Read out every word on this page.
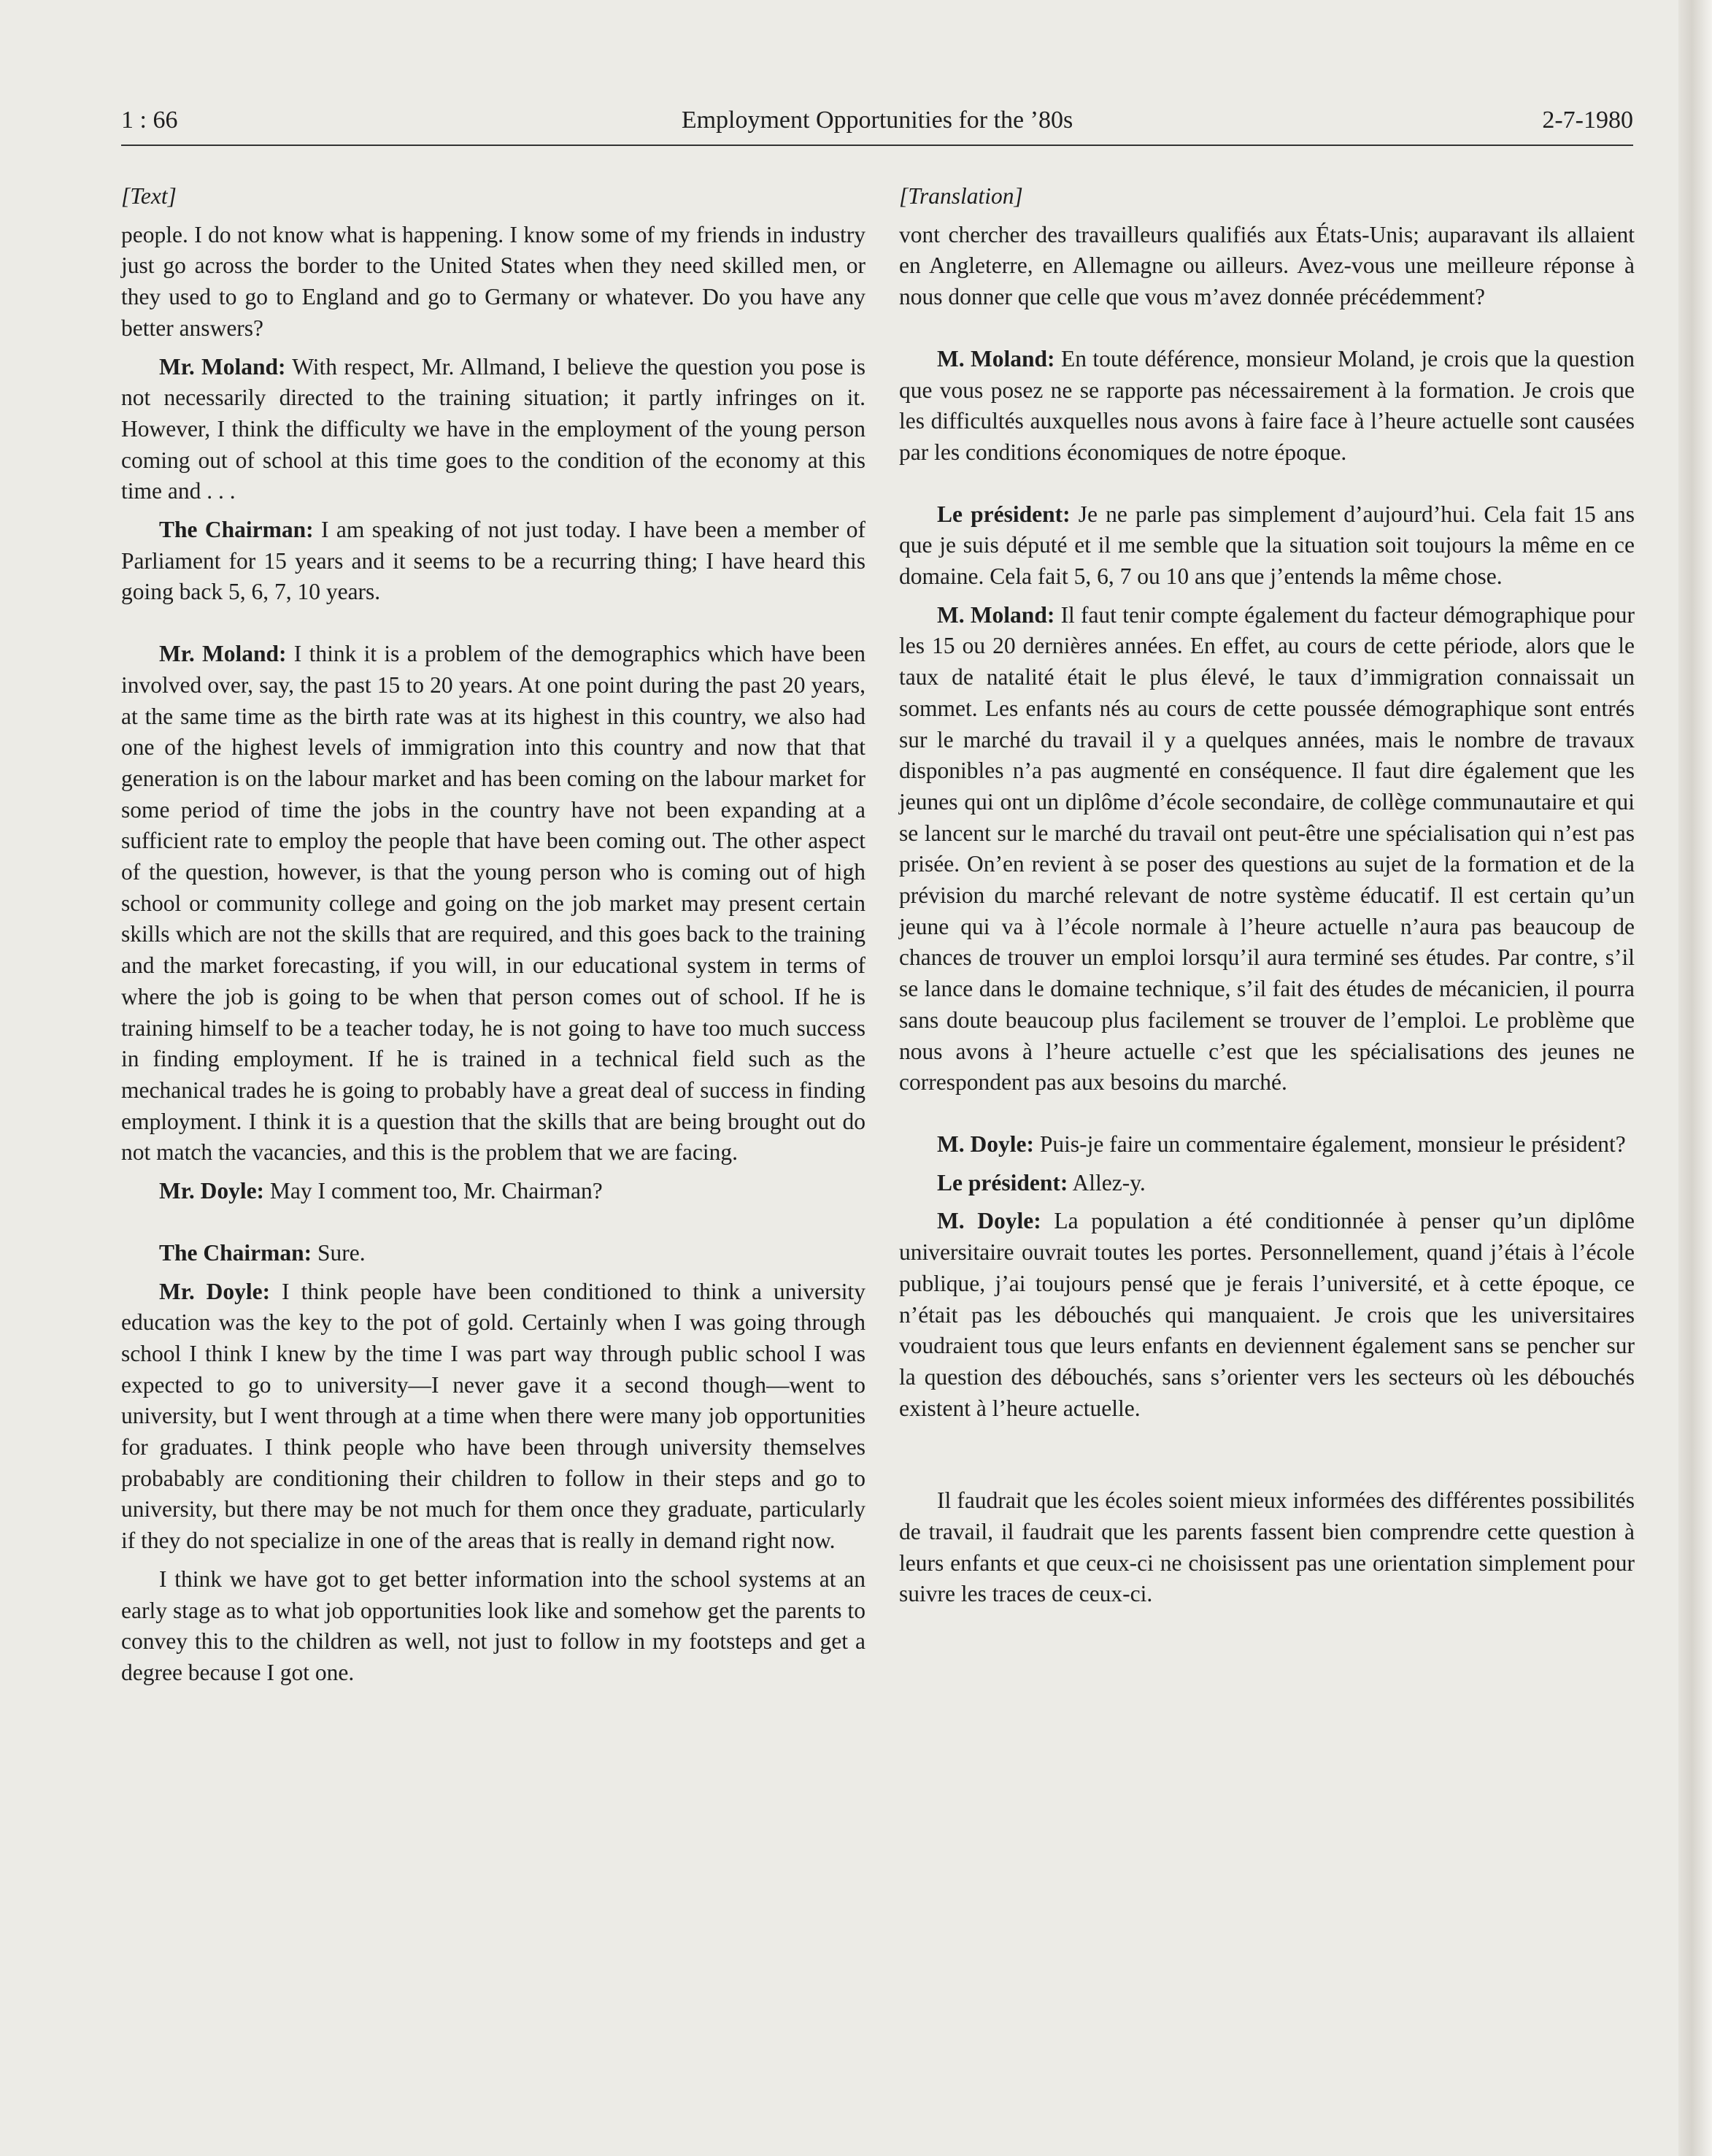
1 : 66	Employment Opportunities for the ’80s	2-7-1980
[Text]

people. I do not know what is happening. I know some of my friends in industry just go across the border to the United States when they need skilled men, or they used to go to England and go to Germany or whatever. Do you have any better answers?

Mr. Moland: With respect, Mr. Allmand, I believe the question you pose is not necessarily directed to the training situation; it partly infringes on it. However, I think the difficulty we have in the employment of the young person coming out of school at this time goes to the condition of the economy at this time and . . .

The Chairman: I am speaking of not just today. I have been a member of Parliament for 15 years and it seems to be a recurring thing; I have heard this going back 5, 6, 7, 10 years.

Mr. Moland: I think it is a problem of the demographics which have been involved over, say, the past 15 to 20 years. At one point during the past 20 years, at the same time as the birth rate was at its highest in this country, we also had one of the highest levels of immigration into this country and now that that generation is on the labour market and has been coming on the labour market for some period of time the jobs in the country have not been expanding at a sufficient rate to employ the people that have been coming out. The other aspect of the question, however, is that the young person who is coming out of high school or community college and going on the job market may present certain skills which are not the skills that are required, and this goes back to the training and the market forecasting, if you will, in our educational system in terms of where the job is going to be when that person comes out of school. If he is training himself to be a teacher today, he is not going to have too much success in finding employment. If he is trained in a technical field such as the mechanical trades he is going to probably have a great deal of success in finding employment. I think it is a question that the skills that are being brought out do not match the vacancies, and this is the problem that we are facing.

Mr. Doyle: May I comment too, Mr. Chairman?

The Chairman: Sure.

Mr. Doyle: I think people have been conditioned to think a university education was the key to the pot of gold. Certainly when I was going through school I think I knew by the time I was part way through public school I was expected to go to university—I never gave it a second though—went to university, but I went through at a time when there were many job opportunities for graduates. I think people who have been through university themselves probabably are conditioning their children to follow in their steps and go to university, but there may be not much for them once they graduate, particularly if they do not specialize in one of the areas that is really in demand right now.

I think we have got to get better information into the school systems at an early stage as to what job opportunities look like and somehow get the parents to convey this to the children as well, not just to follow in my footsteps and get a degree because I got one.

[Translation]

vont chercher des travailleurs qualifiés aux États-Unis; auparavant ils allaient en Angleterre, en Allemagne ou ailleurs. Avez-vous une meilleure réponse à nous donner que celle que vous m’avez donnée précédemment?

M. Moland: En toute déférence, monsieur Moland, je crois que la question que vous posez ne se rapporte pas nécessairement à la formation. Je crois que les difficultés auxquelles nous avons à faire face à l’heure actuelle sont causées par les conditions économiques de notre époque.

Le président: Je ne parle pas simplement d’aujourd’hui. Cela fait 15 ans que je suis député et il me semble que la situation soit toujours la même en ce domaine. Cela fait 5, 6, 7 ou 10 ans que j’entends la même chose.

M. Moland: Il faut tenir compte également du facteur démographique pour les 15 ou 20 dernières années. En effet, au cours de cette période, alors que le taux de natalité était le plus élevé, le taux d’immigration connaissait un sommet. Les enfants nés au cours de cette poussée démographique sont entrés sur le marché du travail il y a quelques années, mais le nombre de travaux disponibles n’a pas augmenté en conséquence. Il faut dire également que les jeunes qui ont un diplôme d’école secondaire, de collège communautaire et qui se lancent sur le marché du travail ont peut-être une spécialisation qui n’est pas prisée. On’en revient à se poser des questions au sujet de la formation et de la prévision du marché relevant de notre système éducatif. Il est certain qu’un jeune qui va à l’école normale à l’heure actuelle n’aura pas beaucoup de chances de trouver un emploi lorsqu’il aura terminé ses études. Par contre, s’il se lance dans le domaine technique, s’il fait des études de mécanicien, il pourra sans doute beaucoup plus facilement se trouver de l’emploi. Le problème que nous avons à l’heure actuelle c’est que les spécialisations des jeunes ne correspondent pas aux besoins du marché.

M. Doyle: Puis-je faire un commentaire également, monsieur le président?

Le président: Allez-y.

M. Doyle: La population a été conditionnée à penser qu’un diplôme universitaire ouvrait toutes les portes. Personnellement, quand j’étais à l’école publique, j’ai toujours pensé que je ferais l’université, et à cette époque, ce n’était pas les débouchés qui manquaient. Je crois que les universitaires voudraient tous que leurs enfants en deviennent également sans se pencher sur la question des débouchés, sans s’orienter vers les secteurs où les débouchés existent à l’heure actuelle.

Il faudrait que les écoles soient mieux informées des différentes possibilités de travail, il faudrait que les parents fassent bien comprendre cette question à leurs enfants et que ceux-ci ne choisissent pas une orientation simplement pour suivre les traces de ceux-ci.
